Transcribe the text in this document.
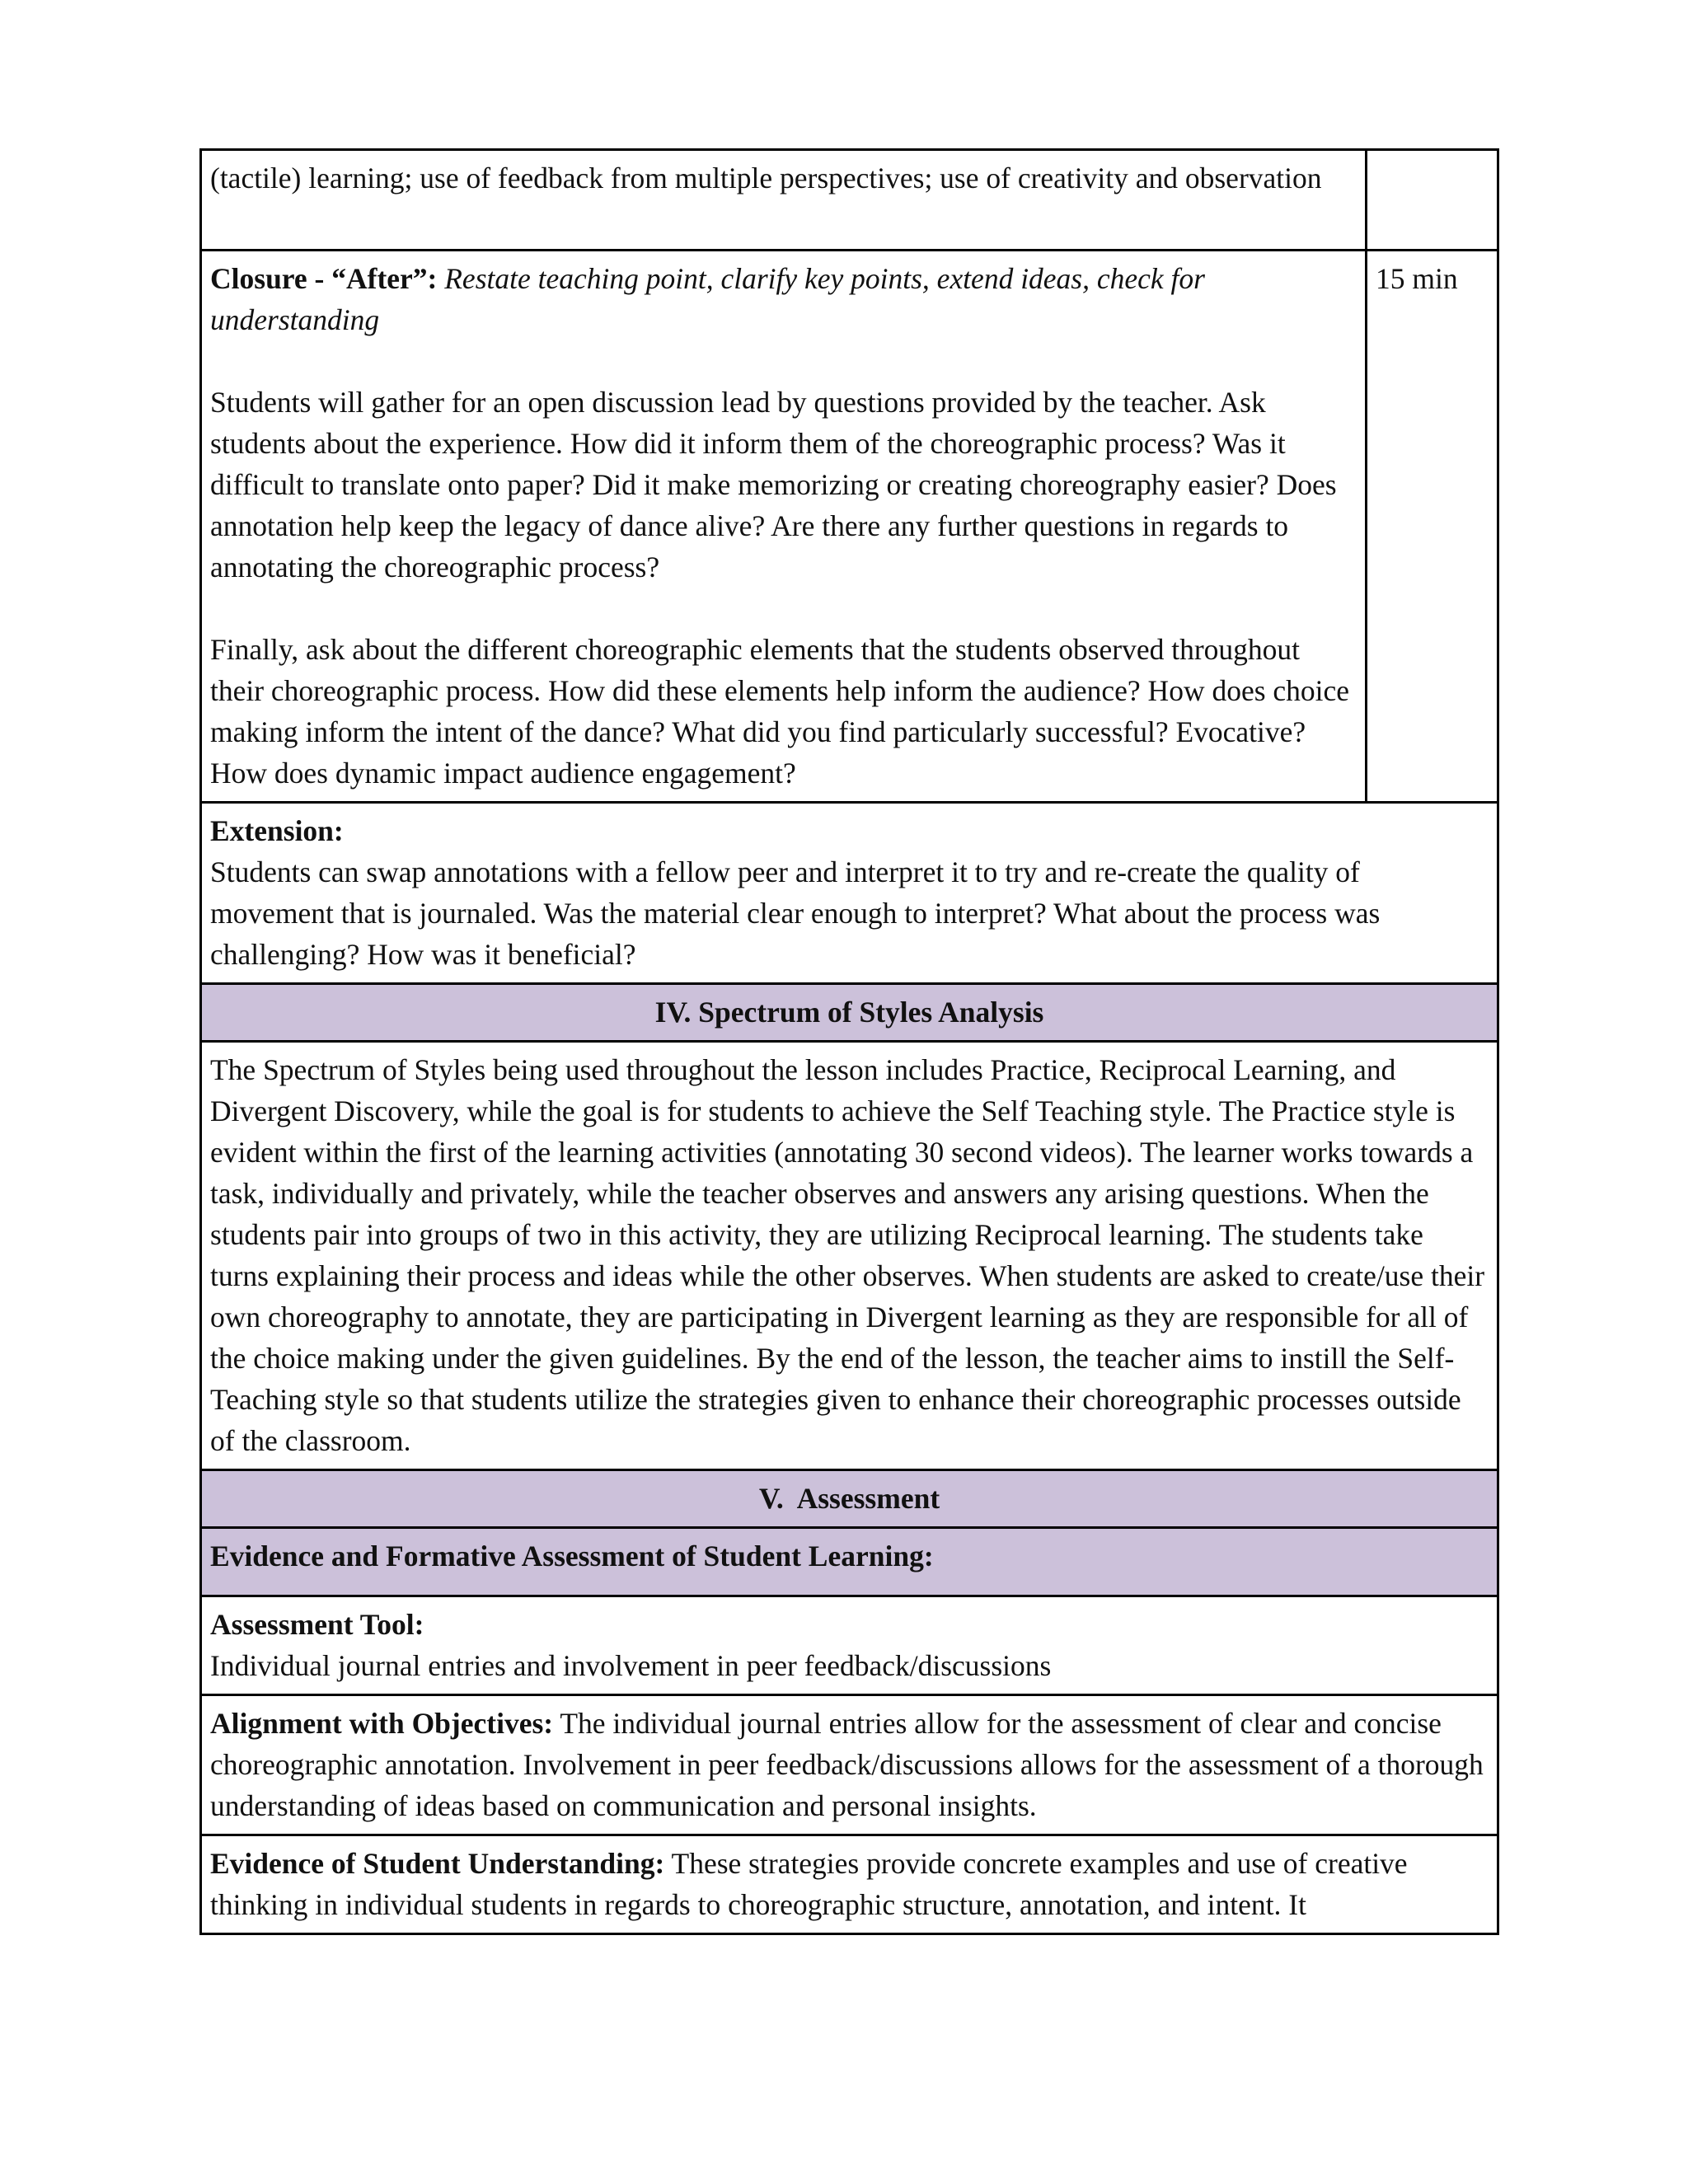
(tactile) learning; use of feedback from multiple perspectives; use of creativity and observation	
Closure - “After”: Restate teaching point, clarify key points, extend ideas, check for understanding
Students will gather for an open discussion lead by questions provided by the teacher. Ask students about the experience. How did it inform them of the choreographic process? Was it difficult to translate onto paper? Did it make memorizing or creating choreography easier? Does annotation help keep the legacy of dance alive? Are there any further questions in regards to annotating the choreographic process?
Finally, ask about the different choreographic elements that the students observed throughout their choreographic process. How did these elements help inform the audience? How does choice making inform the intent of the dance? What did you find particularly successful? Evocative? How does dynamic impact audience engagement?	15 min

Extension:
Students can swap annotations with a fellow peer and interpret it to try and re-create the quality of movement that is journaled. Was the material clear enough to interpret? What about the process was challenging? How was it beneficial?	

IV. Spectrum of Styles Analysis	

The Spectrum of Styles being used throughout the lesson includes Practice, Reciprocal Learning, and Divergent Discovery, while the goal is for students to achieve the Self Teaching style. The Practice style is evident within the first of the learning activities (annotating 30 second videos). The learner works towards a task, individually and privately, while the teacher observes and answers any arising questions. When the students pair into groups of two in this activity, they are utilizing Reciprocal learning. The students take turns explaining their process and ideas while the other observes. When students are asked to create/use their own choreography to annotate, they are participating in Divergent learning as they are responsible for all of the choice making under the given guidelines. By the end of the lesson, the teacher aims to instill the Self-Teaching style so that students utilize the strategies given to enhance their choreographic processes outside of the classroom.	

V.  Assessment	
Evidence and Formative Assessment of Student Learning:	

Assessment Tool:
Individual journal entries and involvement in peer feedback/discussions	

Alignment with Objectives: The individual journal entries allow for the assessment of clear and concise choreographic annotation. Involvement in peer feedback/discussions allows for the assessment of a thorough understanding of ideas based on communication and personal insights.	
Evidence of Student Understanding: These strategies provide concrete examples and use of creative thinking in individual students in regards to choreographic structure, annotation, and intent. It	
